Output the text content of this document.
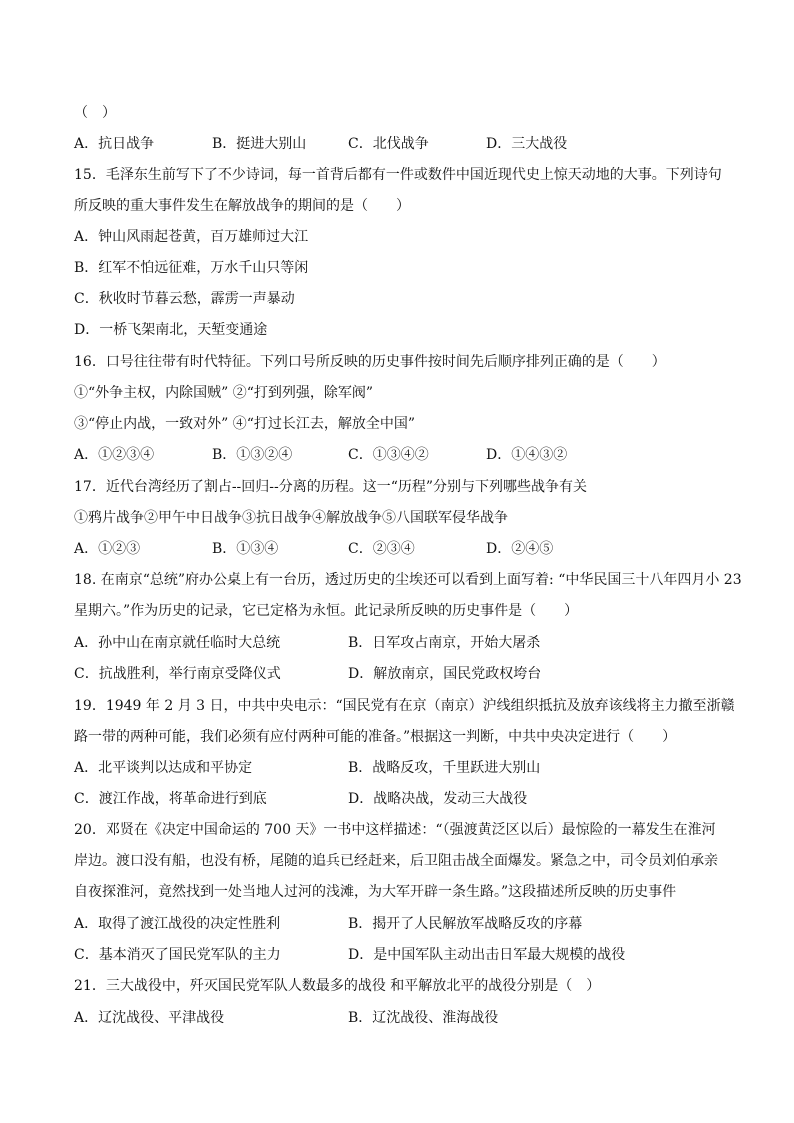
（　）
A．抗日战争	B．挺进大别山	C．北伐战争	D．三大战役
15．毛泽东生前写下了不少诗词，每一首背后都有一件或数件中国近现代史上惊天动地的大事。下列诗句
所反映的重大事件发生在解放战争的期间的是（　　）
A．钟山风雨起苍黄，百万雄师过大江
B．红军不怕远征难，万水千山只等闲
C．秋收时节暮云愁，霹雳一声暴动
D．一桥飞架南北，天堑变通途
16．口号往往带有时代特征。下列口号所反映的历史事件按时间先后顺序排列正确的是（　　）
①“外争主权，内除国贼” ②“打到列强，除军阀”
③“停止内战，一致对外” ④“打过长江去，解放全中国”
A．①②③④	B．①③②④	C．①③④②	D．①④③②
17．近代台湾经历了割占--回归--分离的历程。这一“历程”分别与下列哪些战争有关
①鸦片战争②甲午中日战争③抗日战争④解放战争⑤八国联军侵华战争
A．①②③	B．①③④	C．②③④	D．②④⑤
18. 在南京“总统”府办公桌上有一台历，透过历史的尘埃还可以看到上面写着: “中华民国三十八年四月小 23
星期六。”作为历史的记录，它已定格为永恒。此记录所反映的历史事件是（　　）
A．孙中山在南京就任临时大总统	B．日军攻占南京，开始大屠杀
C．抗战胜利，举行南京受降仪式	D．解放南京，国民党政权垮台
19．1949 年 2 月 3 日，中共中央电示：“国民党有在京（南京）沪线组织抵抗及放弃该线将主力撤至浙赣
路一带的两种可能，我们必须有应付两种可能的准备。”根据这一判断，中共中央决定进行（　　）
A．北平谈判以达成和平协定	B．战略反攻，千里跃进大别山
C．渡江作战，将革命进行到底	D．战略决战，发动三大战役
20．邓贤在《决定中国命运的 700 天》一书中这样描述：“（强渡黄泛区以后）最惊险的一幕发生在淮河
岸边。渡口没有船，也没有桥，尾随的追兵已经赶来，后卫阻击战全面爆发。紧急之中，司令员刘伯承亲
自夜探淮河，竟然找到一处当地人过河的浅滩，为大军开辟一条生路。”这段描述所反映的历史事件
A．取得了渡江战役的决定性胜利	B．揭开了人民解放军战略反攻的序幕
C．基本消灭了国民党军队的主力	D．是中国军队主动出击日军最大规模的战役
21．三大战役中，歼灭国民党军队人数最多的战役 和平解放北平的战役分别是（　）
A．辽沈战役、平津战役	B．辽沈战役、淮海战役
